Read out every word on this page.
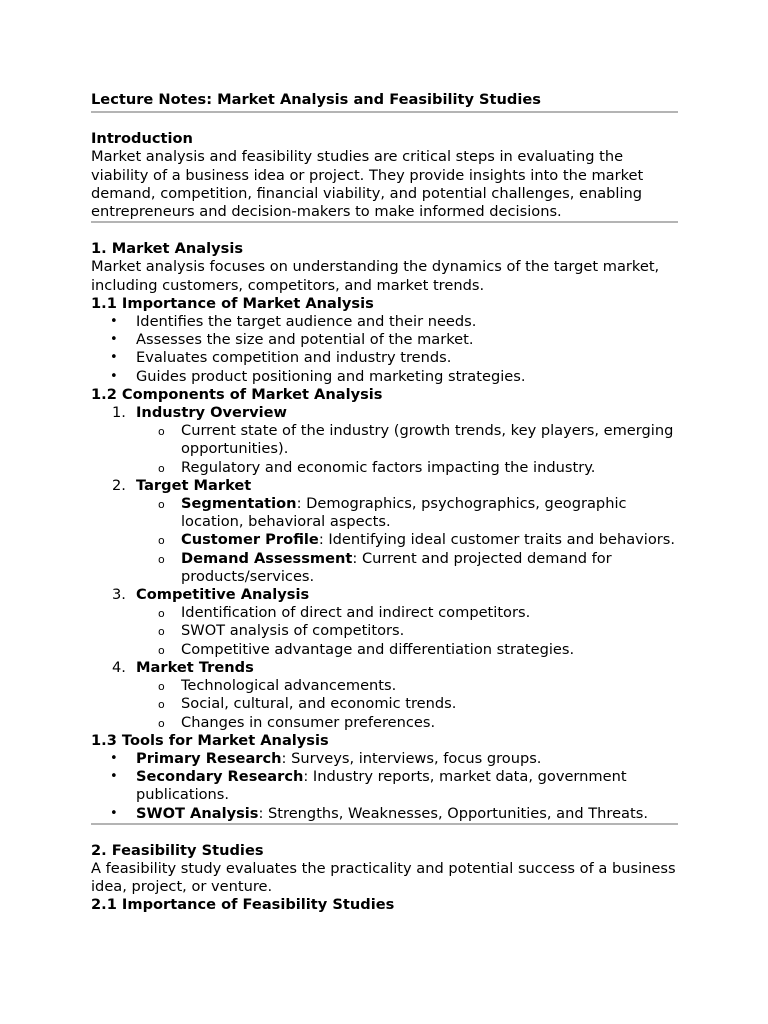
Lecture Notes: Market Analysis and Feasibility Studies
Introduction

Market analysis and feasibility studies are critical steps in evaluating the viability of a business idea or project. They provide insights into the market demand, competition, financial viability, and potential challenges, enabling entrepreneurs and decision-makers to make informed decisions.

1. Market Analysis

Market analysis focuses on understanding the dynamics of the target market, including customers, competitors, and market trends.

1.1 Importance of Market Analysis
• Identifies the target audience and their needs.
• Assesses the size and potential of the market.
• Evaluates competition and industry trends.
• Guides product positioning and marketing strategies.
1.2 Components of Market Analysis
1. Industry Overview
o Current state of the industry (growth trends, key players, emerging opportunities).
o Regulatory and economic factors impacting the industry.
2. Target Market
o Segmentation: Demographics, psychographics, geographic location, behavioral aspects.
o Customer Profile: Identifying ideal customer traits and behaviors.
o Demand Assessment: Current and projected demand for products/services.
3. Competitive Analysis
o Identification of direct and indirect competitors.
o SWOT analysis of competitors.
o Competitive advantage and differentiation strategies.
4. Market Trends
o Technological advancements.
o Social, cultural, and economic trends.
o Changes in consumer preferences.
1.3 Tools for Market Analysis
• Primary Research: Surveys, interviews, focus groups.
• Secondary Research: Industry reports, market data, government publications.
• SWOT Analysis: Strengths, Weaknesses, Opportunities, and Threats.
2. Feasibility Studies

A feasibility study evaluates the practicality and potential success of a business idea, project, or venture.

2.1 Importance of Feasibility Studies
